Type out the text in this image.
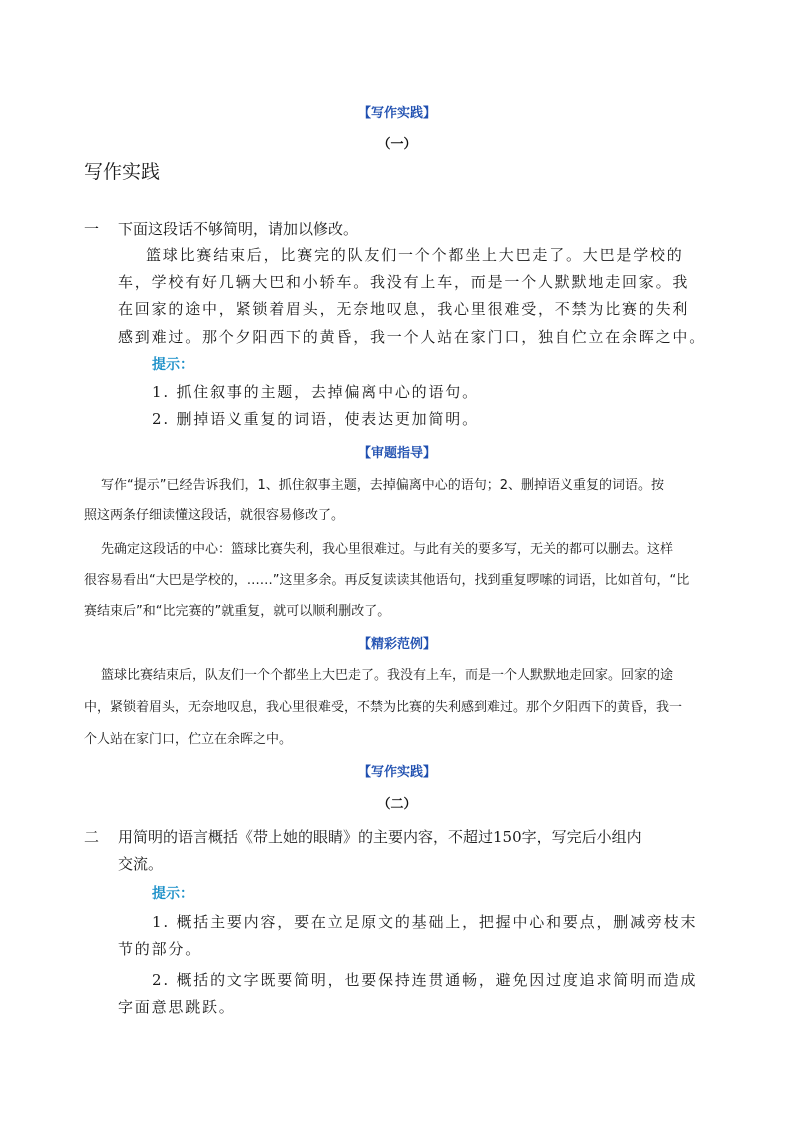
【写作实践】
（一）
写作实践
一 下面这段话不够简明，请加以修改。
篮球比赛结束后，比赛完的队友们一个个都坐上大巴走了。大巴是学校的
车，学校有好几辆大巴和小轿车。我没有上车，而是一个人默默地走回家。我
在回家的途中，紧锁着眉头，无奈地叹息，我心里很难受，不禁为比赛的失利
感到难过。那个夕阳西下的黄昏，我一个人站在家门口，独自伫立在余晖之中。
提示：
1. 抓住叙事的主题，去掉偏离中心的语句。
2. 删掉语义重复的词语，使表达更加简明。
【审题指导】
写作“提示”已经告诉我们，1、抓住叙事主题，去掉偏离中心的语句；2、删掉语义重复的词语。按
照这两条仔细读懂这段话，就很容易修改了。
先确定这段话的中心：篮球比赛失利，我心里很难过。与此有关的要多写，无关的都可以删去。这样
很容易看出“大巴是学校的，……”这里多余。再反复读读其他语句，找到重复啰嗦的词语，比如首句，“比
赛结束后”和“比完赛的”就重复，就可以顺利删改了。
【精彩范例】
篮球比赛结束后，队友们一个个都坐上大巴走了。我没有上车，而是一个人默默地走回家。回家的途
中，紧锁着眉头，无奈地叹息，我心里很难受，不禁为比赛的失利感到难过。那个夕阳西下的黄昏，我一
个人站在家门口，伫立在余晖之中。
【写作实践】
（二）
二 用简明的语言概括《带上她的眼睛》的主要内容，不超过150字，写完后小组内
交流。
提示：
1. 概括主要内容，要在立足原文的基础上，把握中心和要点，删减旁枝末
节的部分。
2. 概括的文字既要简明，也要保持连贯通畅，避免因过度追求简明而造成
字面意思跳跃。
